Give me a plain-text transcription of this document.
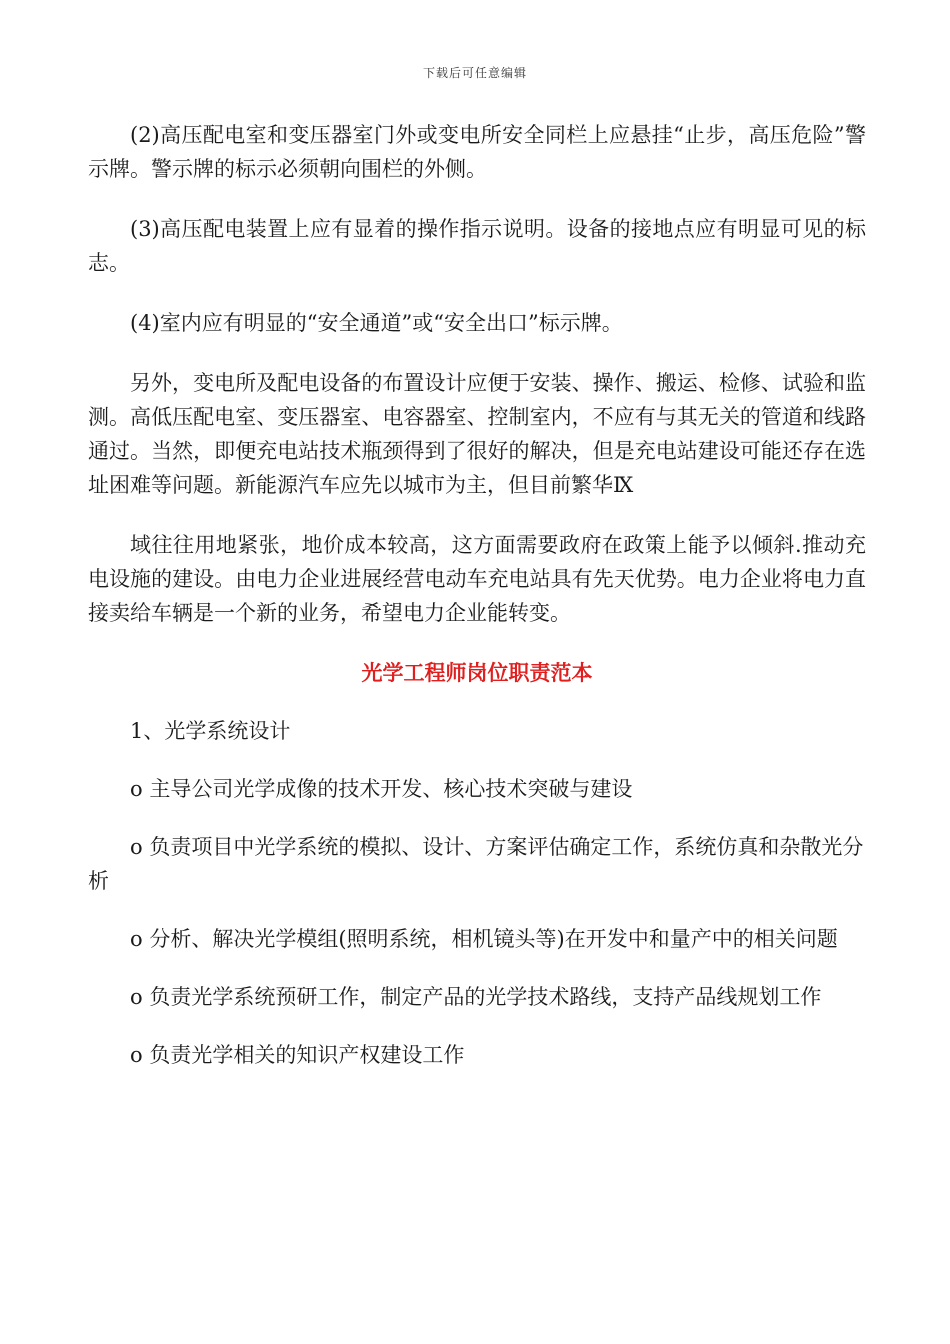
下载后可任意编辑

(2)高压配电室和变压器室门外或变电所安全同栏上应悬挂“止步，高压危险”警示牌。警示牌的标示必须朝向围栏的外侧。

(3)高压配电装置上应有显着的操作指示说明。设备的接地点应有明显可见的标志。

(4)室内应有明显的“安全通道”或“安全出口”标示牌。

另外，变电所及配电设备的布置设计应便于安装、操作、搬运、检修、试验和监测。高低压配电室、变压器室、电容器室、控制室内，不应有与其无关的管道和线路通过。当然，即便充电站技术瓶颈得到了很好的解决，但是充电站建设可能还存在选址困难等问题。新能源汽车应先以城市为主，但目前繁华Ⅸ

域往往用地紧张，地价成本较高，这方面需要政府在政策上能予以倾斜.推动充电设施的建设。由电力企业进展经营电动车充电站具有先天优势。电力企业将电力直接卖给车辆是一个新的业务，希望电力企业能转变。

光学工程师岗位职责范本
1、光学系统设计
o 主导公司光学成像的技术开发、核心技术突破与建设
o 负责项目中光学系统的模拟、设计、方案评估确定工作，系统仿真和杂散光分析
o 分析、解决光学模组(照明系统，相机镜头等)在开发中和量产中的相关问题
o 负责光学系统预研工作，制定产品的光学技术路线，支持产品线规划工作
o 负责光学相关的知识产权建设工作
